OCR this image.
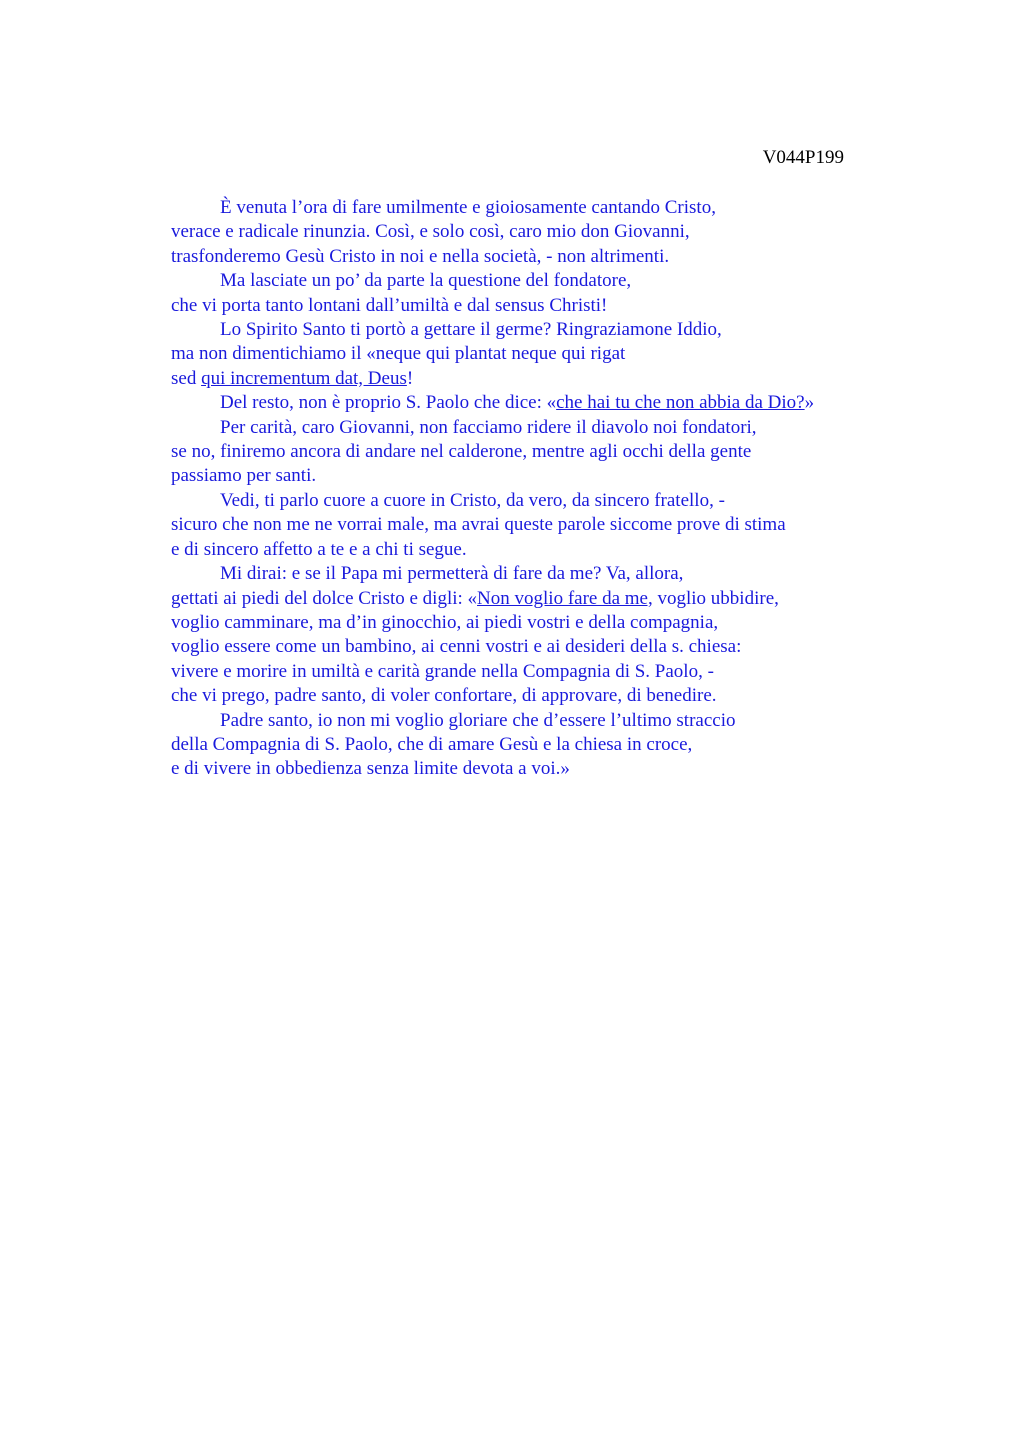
V044P199
È venuta l’ora di fare umilmente e gioiosamente cantando Cristo,
verace e radicale rinunzia. Così, e solo così, caro mio don Giovanni,
trasfonderemo Gesù Cristo in noi e nella società, - non altrimenti.
Ma lasciate un po’ da parte la questione del fondatore,
che vi porta tanto lontani dall’umiltà e dal sensus Christi!
Lo Spirito Santo ti portò a gettare il germe? Ringraziamone Iddio,
ma non dimentichiamo il «neque qui plantat neque qui rigat
sed qui incrementum dat, Deus!
Del resto, non è proprio S. Paolo che dice: «che hai tu che non abbia da Dio?»
Per carità, caro Giovanni, non facciamo ridere il diavolo noi fondatori,
se no, finiremo ancora di andare nel calderone, mentre agli occhi della gente
passiamo per santi.
Vedi, ti parlo cuore a cuore in Cristo, da vero, da sincero fratello, -
sicuro che non me ne vorrai male, ma avrai queste parole siccome prove di stima
e di sincero affetto a te e a chi ti segue.
Mi dirai: e se il Papa mi permetterà di fare da me? Va, allora,
gettati ai piedi del dolce Cristo e digli: «Non voglio fare da me, voglio ubbidire,
voglio camminare, ma d’in ginocchio, ai piedi vostri e della compagnia,
voglio essere come un bambino, ai cenni vostri e ai desideri della s. chiesa:
vivere e morire in umiltà e carità grande nella Compagnia di S. Paolo, -
che vi prego, padre santo, di voler confortare, di approvare, di benedire.
Padre santo, io non mi voglio gloriare che d’essere l’ultimo straccio
della Compagnia di S. Paolo, che di amare Gesù e la chiesa in croce,
e di vivere in obbedienza senza limite devota a voi.»
